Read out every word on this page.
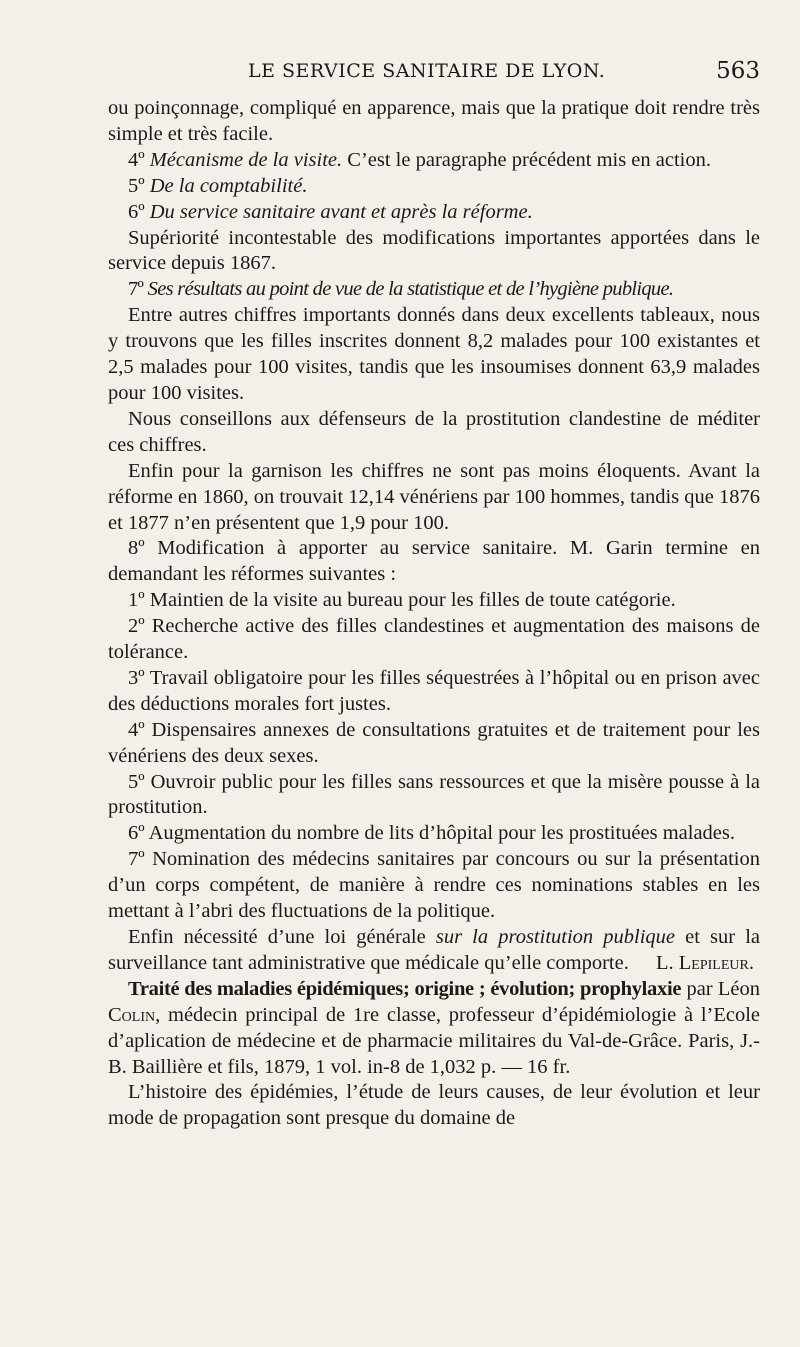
LE SERVICE SANITAIRE DE LYON.	563

ou poinçonnage, compliqué en apparence, mais que la pratique doit rendre très simple et très facile.

4º Mécanisme de la visite. C’est le paragraphe précédent mis en action.

5º De la comptabilité.

6º Du service sanitaire avant et après la réforme.

Supériorité incontestable des modifications importantes apportées dans le service depuis 1867.

7º Ses résultats au point de vue de la statistique et de l’hygiène publique.

Entre autres chiffres importants donnés dans deux excellents tableaux, nous y trouvons que les filles inscrites donnent 8,2 malades pour 100 existantes et 2,5 malades pour 100 visites, tandis que les insoumises donnent 63,9 malades pour 100 visites.

Nous conseillons aux défenseurs de la prostitution clandestine de méditer ces chiffres.

Enfin pour la garnison les chiffres ne sont pas moins éloquents. Avant la réforme en 1860, on trouvait 12,14 vénériens par 100 hommes, tandis que 1876 et 1877 n’en présentent que 1,9 pour 100.

8º Modification à apporter au service sanitaire. M. Garin termine en demandant les réformes suivantes :

1º Maintien de la visite au bureau pour les filles de toute catégorie.

2º Recherche active des filles clandestines et augmentation des maisons de tolérance.

3º Travail obligatoire pour les filles séquestrées à l’hôpital ou en prison avec des déductions morales fort justes.

4º Dispensaires annexes de consultations gratuites et de traitement pour les vénériens des deux sexes.

5º Ouvroir public pour les filles sans ressources et que la misère pousse à la prostitution.

6º Augmentation du nombre de lits d’hôpital pour les prostituées malades.

7º Nomination des médecins sanitaires par concours ou sur la présentation d’un corps compétent, de manière à rendre ces nominations stables en les mettant à l’abri des fluctuations de la politique.

Enfin nécessité d’une loi générale sur la prostitution publique et sur la surveillance tant administrative que médicale qu’elle comporte.	L. Lepileur.

Traité des maladies épidémiques; origine ; évolution; prophylaxie par Léon Colin, médecin principal de 1re classe, professeur d’épidémiologie à l’Ecole d’aplication de médecine et de pharmacie militaires du Val-de-Grâce. Paris, J.-B. Baillière et fils, 1879, 1 vol. in-8 de 1,032 p. — 16 fr.

L’histoire des épidémies, l’étude de leurs causes, de leur évolution et leur mode de propagation sont presque du domaine de
